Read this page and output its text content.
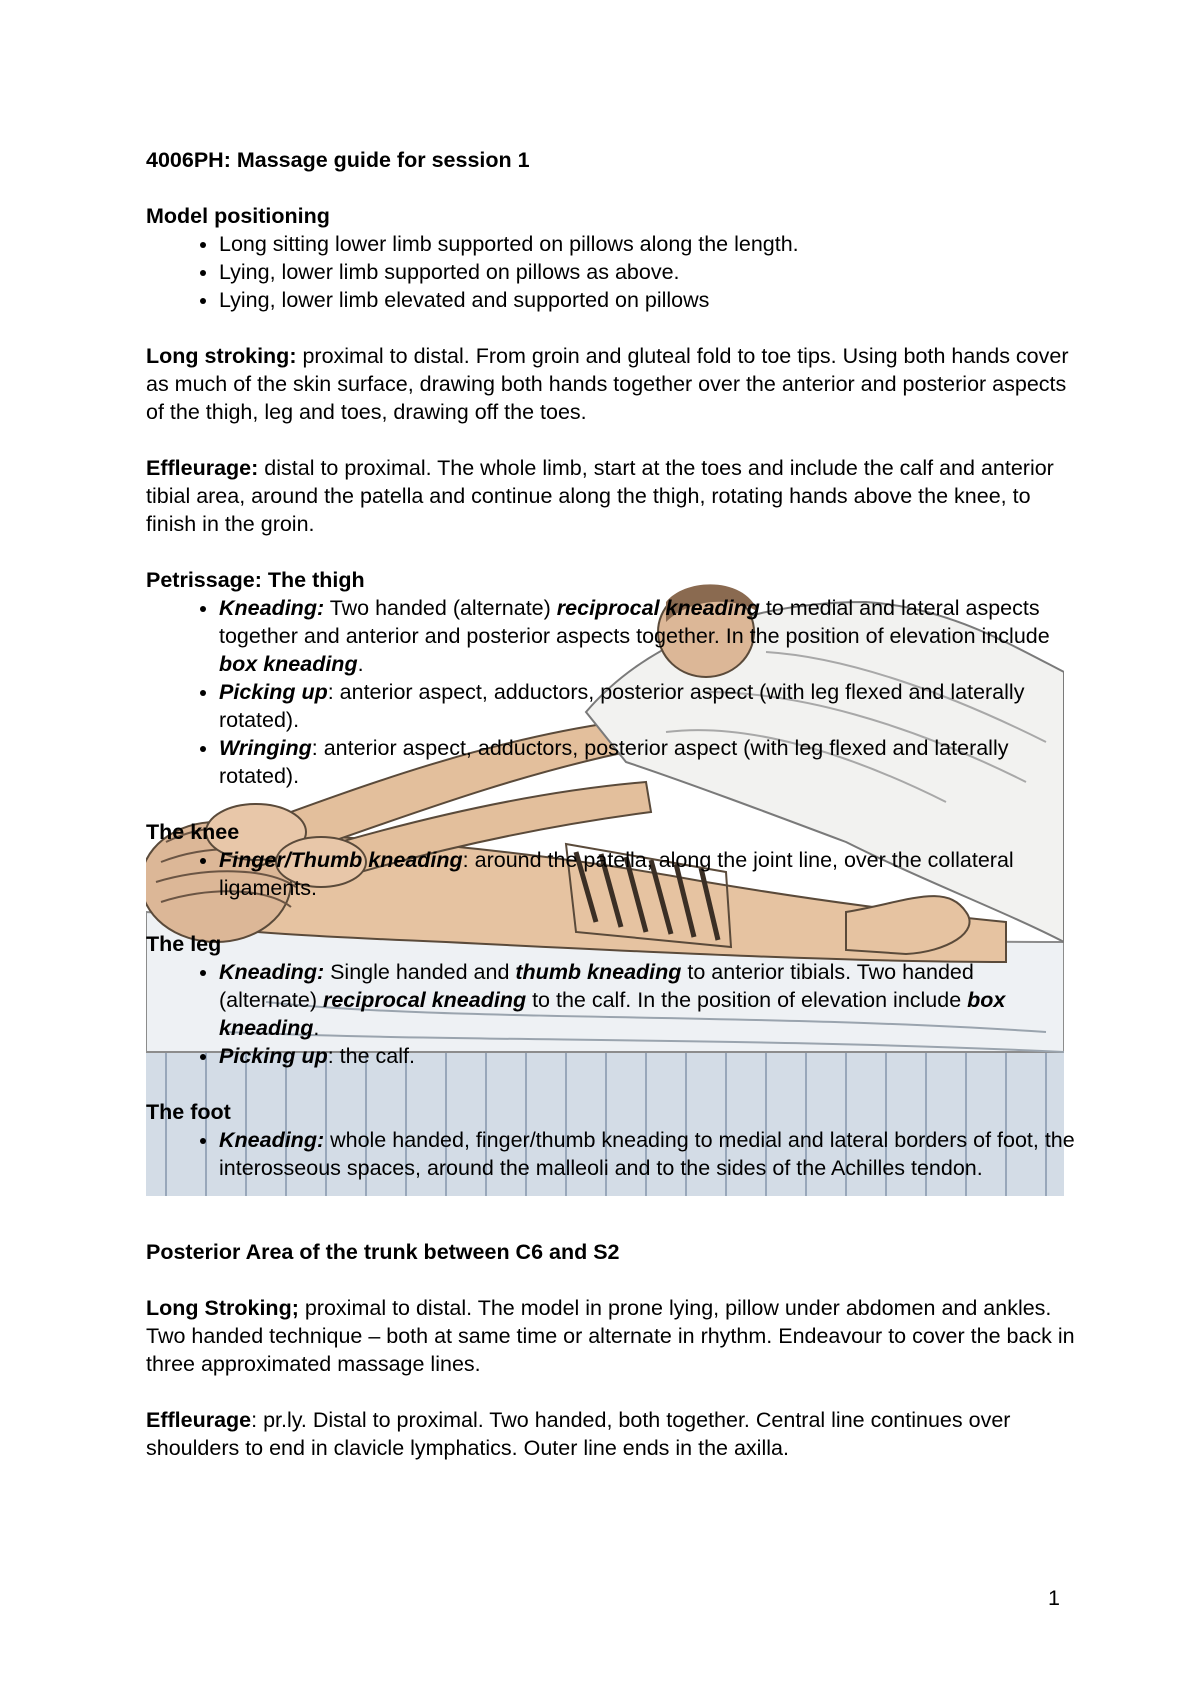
4006PH: Massage guide for session 1

Model positioning

• Long sitting lower limb supported on pillows along the length.
• Lying, lower limb supported on pillows as above.
• Lying, lower limb elevated and supported on pillows

Long stroking: proximal to distal. From groin and gluteal fold to toe tips. Using both hands cover as much of the skin surface, drawing both hands together over the anterior and posterior aspects of the thigh, leg and toes, drawing off the toes.

Effleurage: distal to proximal. The whole limb, start at the toes and include the calf and anterior tibial area, around the patella and continue along the thigh, rotating hands above the knee, to finish in the groin.

Petrissage: The thigh

• Kneading: Two handed (alternate) reciprocal kneading to medial and lateral aspects together and anterior and posterior aspects together. In the position of elevation include box kneading.
• Picking up: anterior aspect, adductors, posterior aspect (with leg flexed and laterally rotated).
• Wringing: anterior aspect, adductors, posterior aspect (with leg flexed and laterally rotated).

The knee

• Finger/Thumb kneading: around the patella, along the joint line, over the collateral ligaments.

The leg

• Kneading: Single handed and thumb kneading to anterior tibials. Two handed (alternate) reciprocal kneading to the calf. In the position of elevation include box kneading.
• Picking up: the calf.

The foot

• Kneading: whole handed, finger/thumb kneading to medial and lateral borders of foot, the interosseous spaces, around the malleoli and to the sides of the Achilles tendon.

Posterior Area of the trunk between C6 and S2

Long Stroking; proximal to distal. The model in prone lying, pillow under abdomen and ankles. Two handed technique – both at same time or alternate in rhythm. Endeavour to cover the back in three approximated massage lines.

Effleurage: pr.ly. Distal to proximal. Two handed, both together. Central line continues over shoulders to end in clavicle lymphatics. Outer line ends in the axilla.

1
